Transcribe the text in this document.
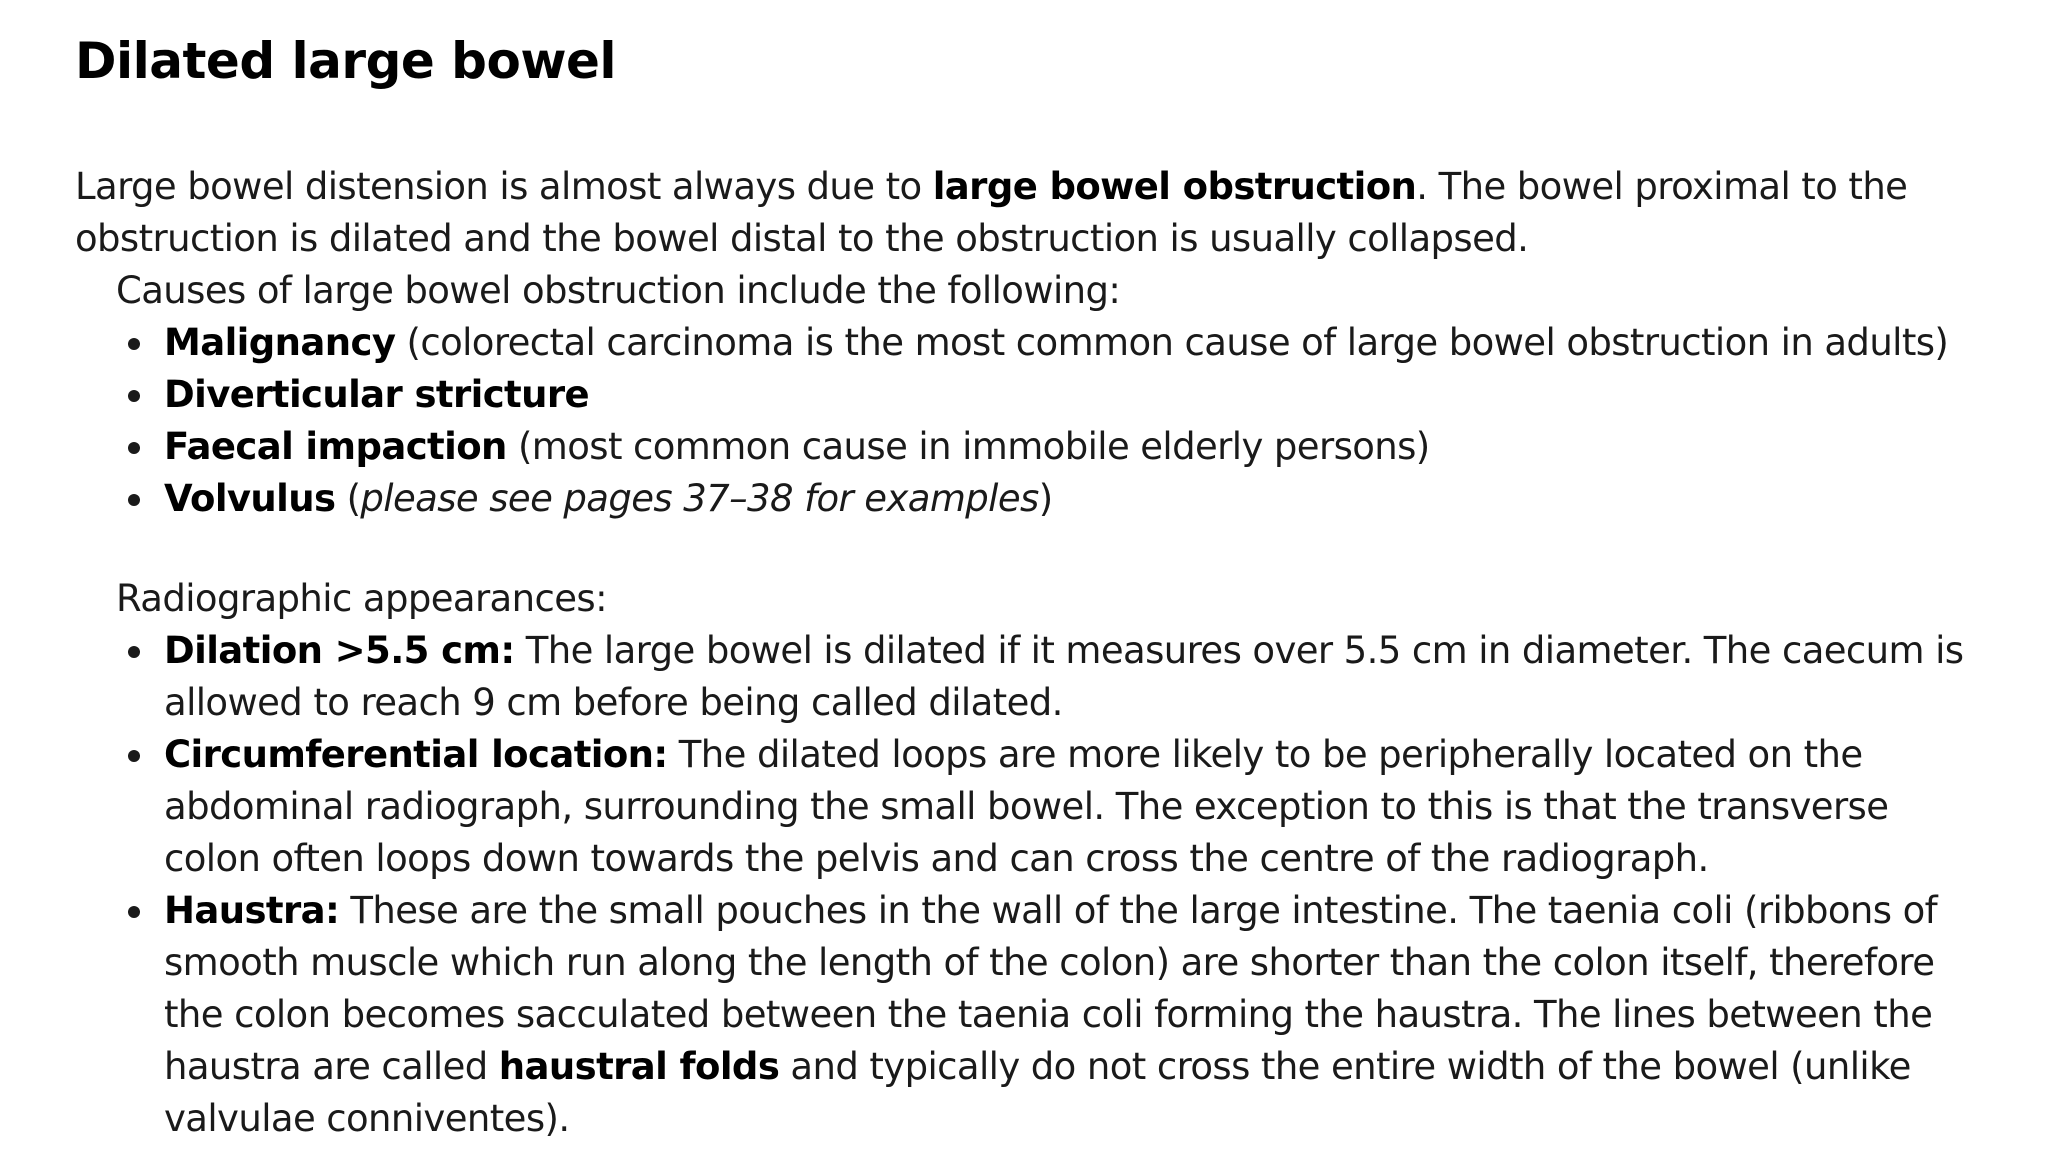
Dilated large bowel

Large bowel distension is almost always due to large bowel obstruction. The bowel proximal to the obstruction is dilated and the bowel distal to the obstruction is usually collapsed.

Causes of large bowel obstruction include the following:

Malignancy (colorectal carcinoma is the most common cause of large bowel obstruction in adults)
Diverticular stricture
Faecal impaction (most common cause in immobile elderly persons)
Volvulus (please see pages 37–38 for examples)

Radiographic appearances:

Dilation >5.5 cm: The large bowel is dilated if it measures over 5.5 cm in diameter. The caecum is allowed to reach 9 cm before being called dilated.
Circumferential location: The dilated loops are more likely to be peripherally located on the abdominal radiograph, surrounding the small bowel. The exception to this is that the transverse colon often loops down towards the pelvis and can cross the centre of the radiograph.
Haustra: These are the small pouches in the wall of the large intestine. The taenia coli (ribbons of smooth muscle which run along the length of the colon) are shorter than the colon itself, therefore the colon becomes sacculated between the taenia coli forming the haustra. The lines between the haustra are called haustral folds and typically do not cross the entire width of the bowel (unlike valvulae conniventes).
